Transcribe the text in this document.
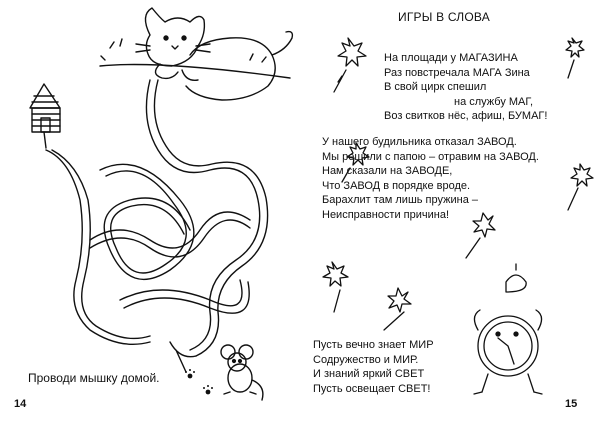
Проводи мышку домой.
14
ИГРЫ В СЛОВА
На площади у МАГАЗИНА
Раз повстречала МАГА Зина
В свой цирк спешил
на службу МАГ,
Воз свитков нёс, афиш, БУМАГ!
У нашего будильника отказал ЗАВОД.
Мы решили с папою – отравим на ЗАВОД.
Нам сказали на ЗАВОДЕ,
Что ЗАВОД в порядке вроде.
Барахлит там лишь пружина –
Неисправности причина!
Пусть вечно знает МИР
Содружество и МИР.
И знаний яркий СВЕТ
Пусть освещает СВЕТ!
15
